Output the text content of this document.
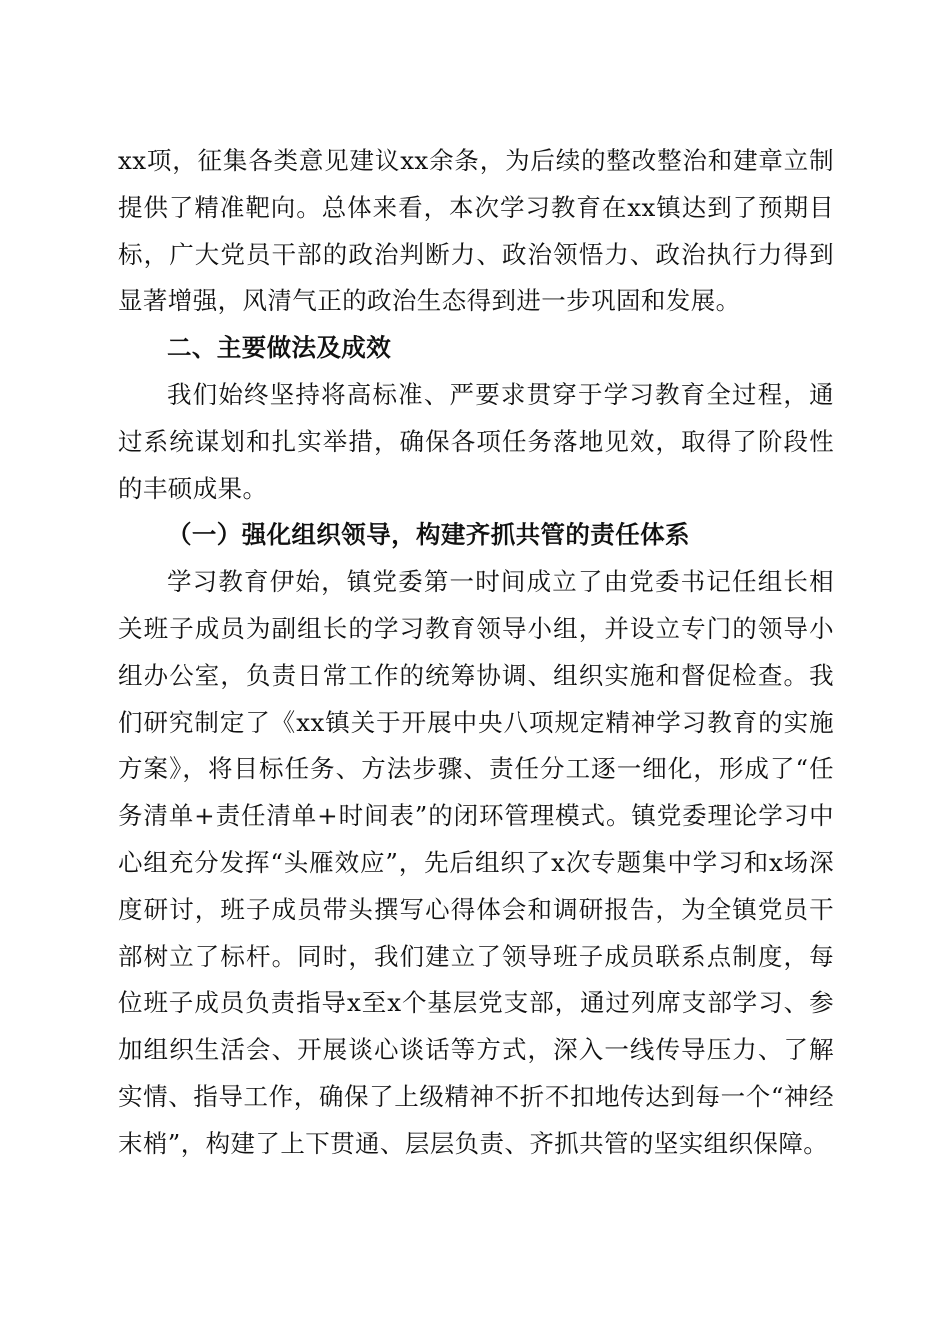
xx项，征集各类意见建议xx余条，为后续的整改整治和建章立制提供了精准靶向。总体来看，本次学习教育在xx镇达到了预期目标，广大党员干部的政治判断力、政治领悟力、政治执行力得到显著增强，风清气正的政治生态得到进一步巩固和发展。

二、主要做法及成效

我们始终坚持将高标准、严要求贯穿于学习教育全过程，通过系统谋划和扎实举措，确保各项任务落地见效，取得了阶段性的丰硕成果。

（一）强化组织领导，构建齐抓共管的责任体系

学习教育伊始，镇党委第一时间成立了由党委书记任组长相关班子成员为副组长的学习教育领导小组，并设立专门的领导小组办公室，负责日常工作的统筹协调、组织实施和督促检查。我们研究制定了《xx镇关于开展中央八项规定精神学习教育的实施方案》，将目标任务、方法步骤、责任分工逐一细化，形成了“任务清单+责任清单+时间表”的闭环管理模式。镇党委理论学习中心组充分发挥“头雁效应”，先后组织了x次专题集中学习和x场深度研讨，班子成员带头撰写心得体会和调研报告，为全镇党员干部树立了标杆。同时，我们建立了领导班子成员联系点制度，每位班子成员负责指导x至x个基层党支部，通过列席支部学习、参加组织生活会、开展谈心谈话等方式，深入一线传导压力、了解实情、指导工作，确保了上级精神不折不扣地传达到每一个“神经末梢”，构建了上下贯通、层层负责、齐抓共管的坚实组织保障。
